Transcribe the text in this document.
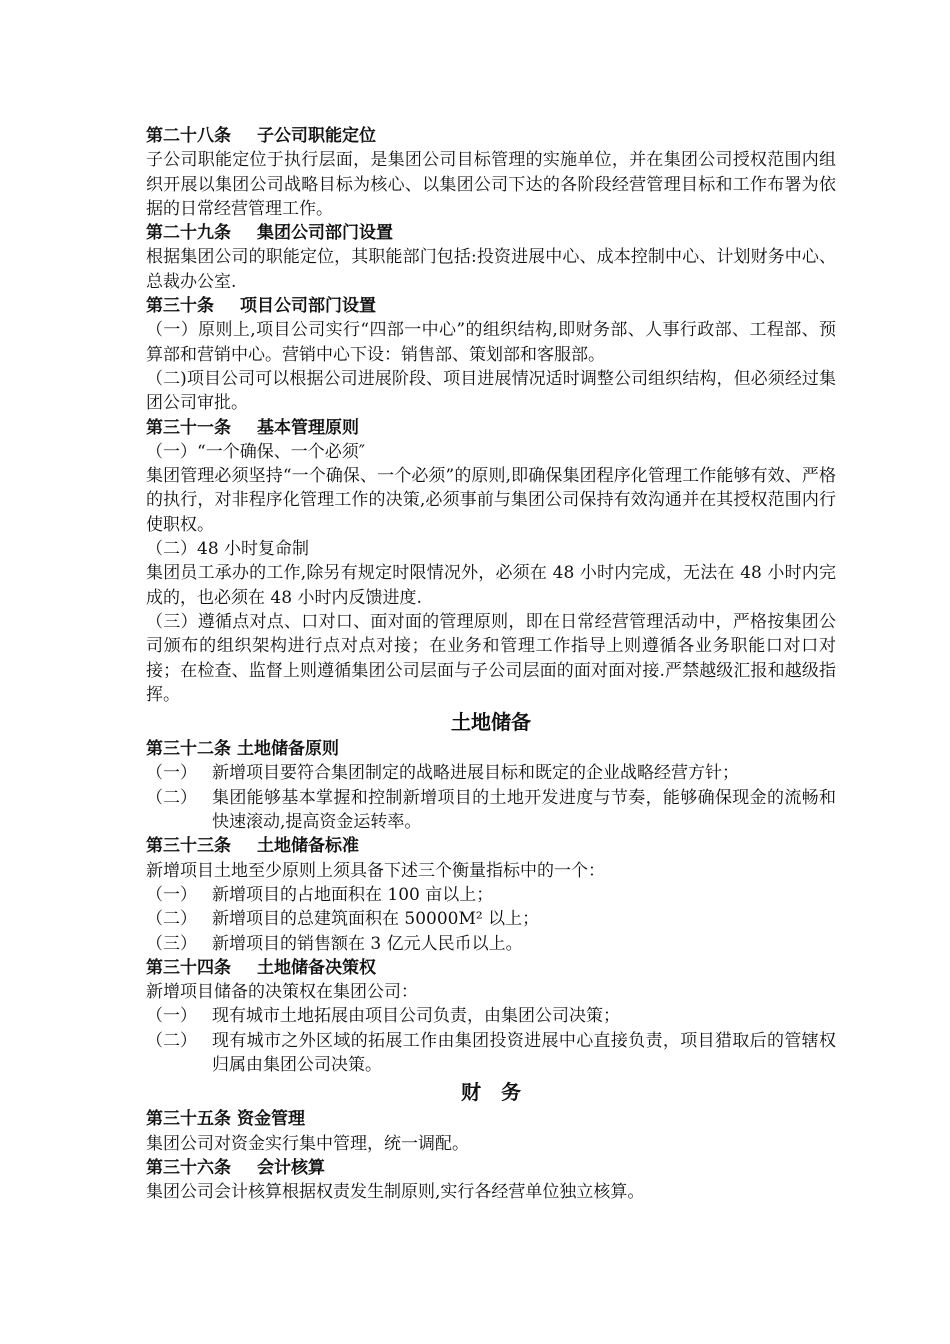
第二十八条 子公司职能定位

子公司职能定位于执行层面，是集团公司目标管理的实施单位，并在集团公司授权范围内组织开展以集团公司战略目标为核心、以集团公司下达的各阶段经营管理目标和工作布署为依据的日常经营管理工作。

第二十九条 集团公司部门设置

根据集团公司的职能定位，其职能部门包括:投资进展中心、成本控制中心、计划财务中心、总裁办公室.

第三十条 项目公司部门设置

（一）原则上,项目公司实行“四部一中心”的组织结构,即财务部、人事行政部、工程部、预算部和营销中心。营销中心下设：销售部、策划部和客服部。

（二)项目公司可以根据公司进展阶段、项目进展情况适时调整公司组织结构，但必须经过集团公司审批。

第三十一条 基本管理原则

（一）“一个确保、一个必须″

集团管理必须坚持“一个确保、一个必须”的原则,即确保集团程序化管理工作能够有效、严格的执行，对非程序化管理工作的决策,必须事前与集团公司保持有效沟通并在其授权范围内行使职权。

（二）48 小时复命制

集团员工承办的工作,除另有规定时限情况外，必须在 48 小时内完成，无法在 48 小时内完成的，也必须在 48 小时内反馈进度.

（三）遵循点对点、口对口、面对面的管理原则，即在日常经营管理活动中，严格按集团公司颁布的组织架构进行点对点对接；在业务和管理工作指导上则遵循各业务职能口对口对接；在检查、监督上则遵循集团公司层面与子公司层面的面对面对接.严禁越级汇报和越级指挥。

土地储备

第三十二条 土地储备原则

（一） 新增项目要符合集团制定的战略进展目标和既定的企业战略经营方针；
（二） 集团能够基本掌握和控制新增项目的土地开发进度与节奏，能够确保现金的流畅和快速滚动,提高资金运转率。

第三十三条 土地储备标准

新增项目土地至少原则上须具备下述三个衡量指标中的一个：

（一） 新增项目的占地面积在 100 亩以上；
（二） 新增项目的总建筑面积在 50000M² 以上；
（三） 新增项目的销售额在 3 亿元人民币以上。

第三十四条 土地储备决策权

新增项目储备的决策权在集团公司：

（一） 现有城市土地拓展由项目公司负责，由集团公司决策；
（二） 现有城市之外区域的拓展工作由集团投资进展中心直接负责，项目猎取后的管辖权归属由集团公司决策。

财　务

第三十五条 资金管理

集团公司对资金实行集中管理，统一调配。

第三十六条 会计核算

集团公司会计核算根据权责发生制原则,实行各经营单位独立核算。
